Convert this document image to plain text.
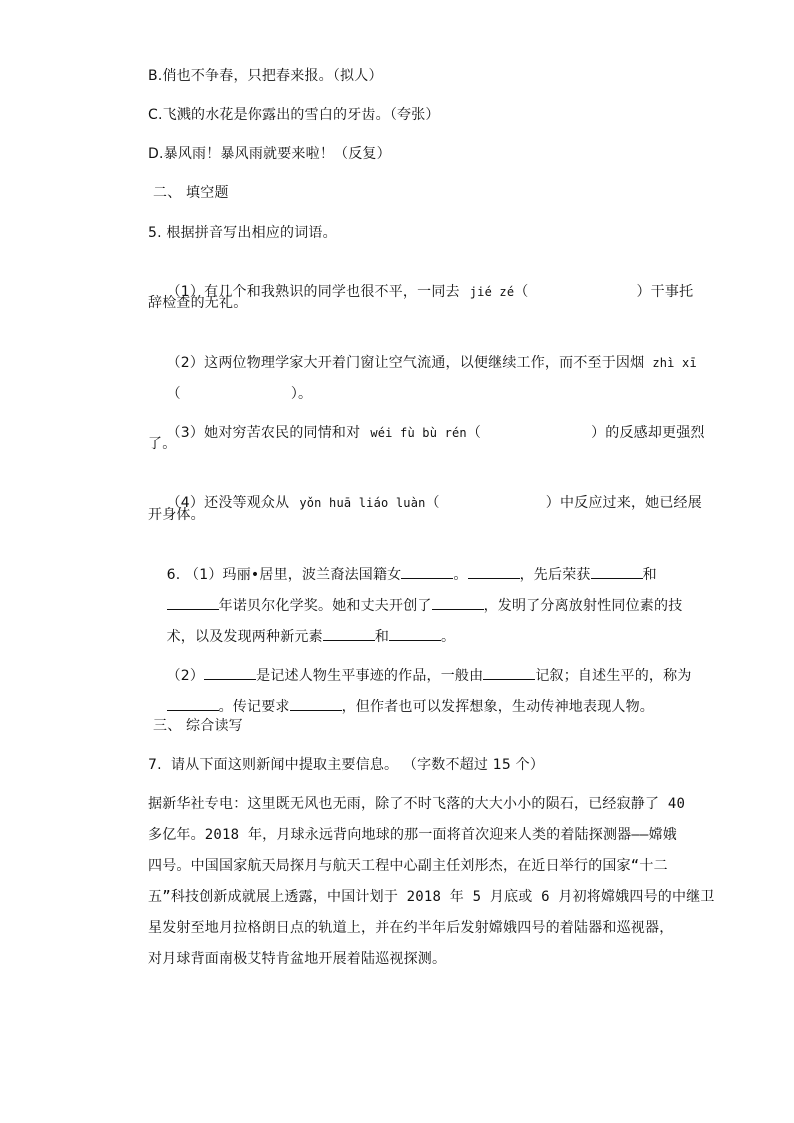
B.俏也不争春，只把春来报。（拟人）
C.飞溅的水花是你露出的雪白的牙齿。（夸张）
D.暴风雨！暴风雨就要来啦！（反复）
二、 填空题
5. 根据拼音写出相应的词语。

（1）有几个和我熟识的同学也很不平，一同去 jié zé（	）干事托

辞检查的无礼。

（2）这两位物理学家大开着门窗让空气流通，以便继续工作，而不至于因烟 zhì xī

（	）。

（3）她对穷苦农民的同情和对 wéi fù bù rén（	）的反感却更强烈

了。

（4）还没等观众从 yǒn huā liáo luàn（	）中反应过来，她已经展

开身体。

6. （1）玛丽•居里，波兰裔法国籍女	。	，先后荣获	和

年诺贝尔化学奖。她和丈夫开创了	，发明了分离放射性同位素的技

术，以及发现两种新元素	和	。

（2）	是记述人物生平事迹的作品，一般由	记叙；自述生平的，称为

。传记要求	，但作者也可以发挥想象，生动传神地表现人物。

三、 综合读写
7.  请从下面这则新闻中提取主要信息。 （字数不超过 15 个）
据新华社专电：这里既无风也无雨，除了不时飞落的大大小小的陨石，已经寂静了 40
多亿年。2018 年，月球永远背向地球的那一面将首次迎来人类的着陆探测器——嫦娥
四号。中国国家航天局探月与航天工程中心副主任刘彤杰，在近日举行的国家“十二
五”科技创新成就展上透露，中国计划于 2018 年 5 月底或 6 月初将嫦娥四号的中继卫
星发射至地月拉格朗日点的轨道上，并在约半年后发射嫦娥四号的着陆器和巡视器，
对月球背面南极艾特肯盆地开展着陆巡视探测。
